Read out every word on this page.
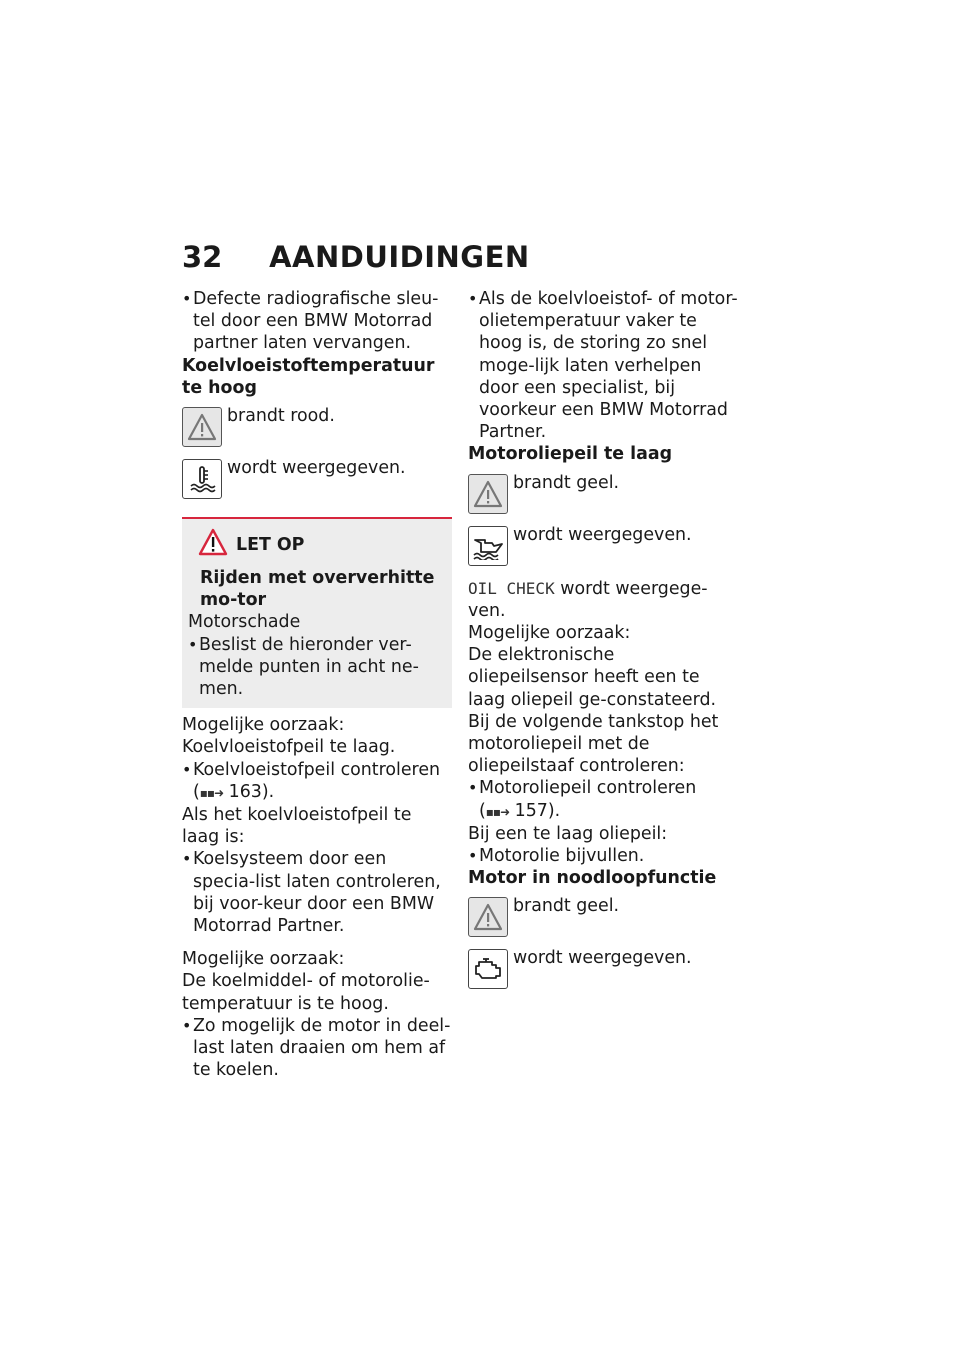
32 AANDUIDINGEN

• Defecte radiografische sleu-tel door een BMW Motorrad partner laten vervangen.

Koelvloeistoftemperatuur te hoog

brandt rood.
wordt weergegeven.
LET OP

Rijden met oververhitte mo-tor

Motorschade

• Beslist de hieronder ver-melde punten in acht ne-men.

Mogelijke oorzaak:

Koelvloeistofpeil te laag.

• Koelvloeistofpeil controleren
(▪▪➜ 163).

Als het koelvloeistofpeil te laag is:

• Koelsysteem door een specia-list laten controleren, bij voor-keur door een BMW Motorrad Partner.

Mogelijke oorzaak:

De koelmiddel- of motorolie-temperatuur is te hoog.

• Zo mogelijk de motor in deel-last laten draaien om hem af te koelen.

• Als de koelvloeistof- of motor-olietemperatuur vaker te hoog is, de storing zo snel moge-lijk laten verhelpen door een specialist, bij voorkeur een BMW Motorrad Partner.

Motoroliepeil te laag

brandt geel.
wordt weergegeven.

OIL CHECK wordt weergege-ven.

Mogelijke oorzaak:

De elektronische oliepeilsensor heeft een te laag oliepeil ge-constateerd. Bij de volgende tankstop het motoroliepeil met de oliepeilstaaf controleren:

• Motoroliepeil controleren
(▪▪➜ 157).

Bij een te laag oliepeil:

• Motorolie bijvullen.

Motor in noodloopfunctie

brandt geel.
wordt weergegeven.
